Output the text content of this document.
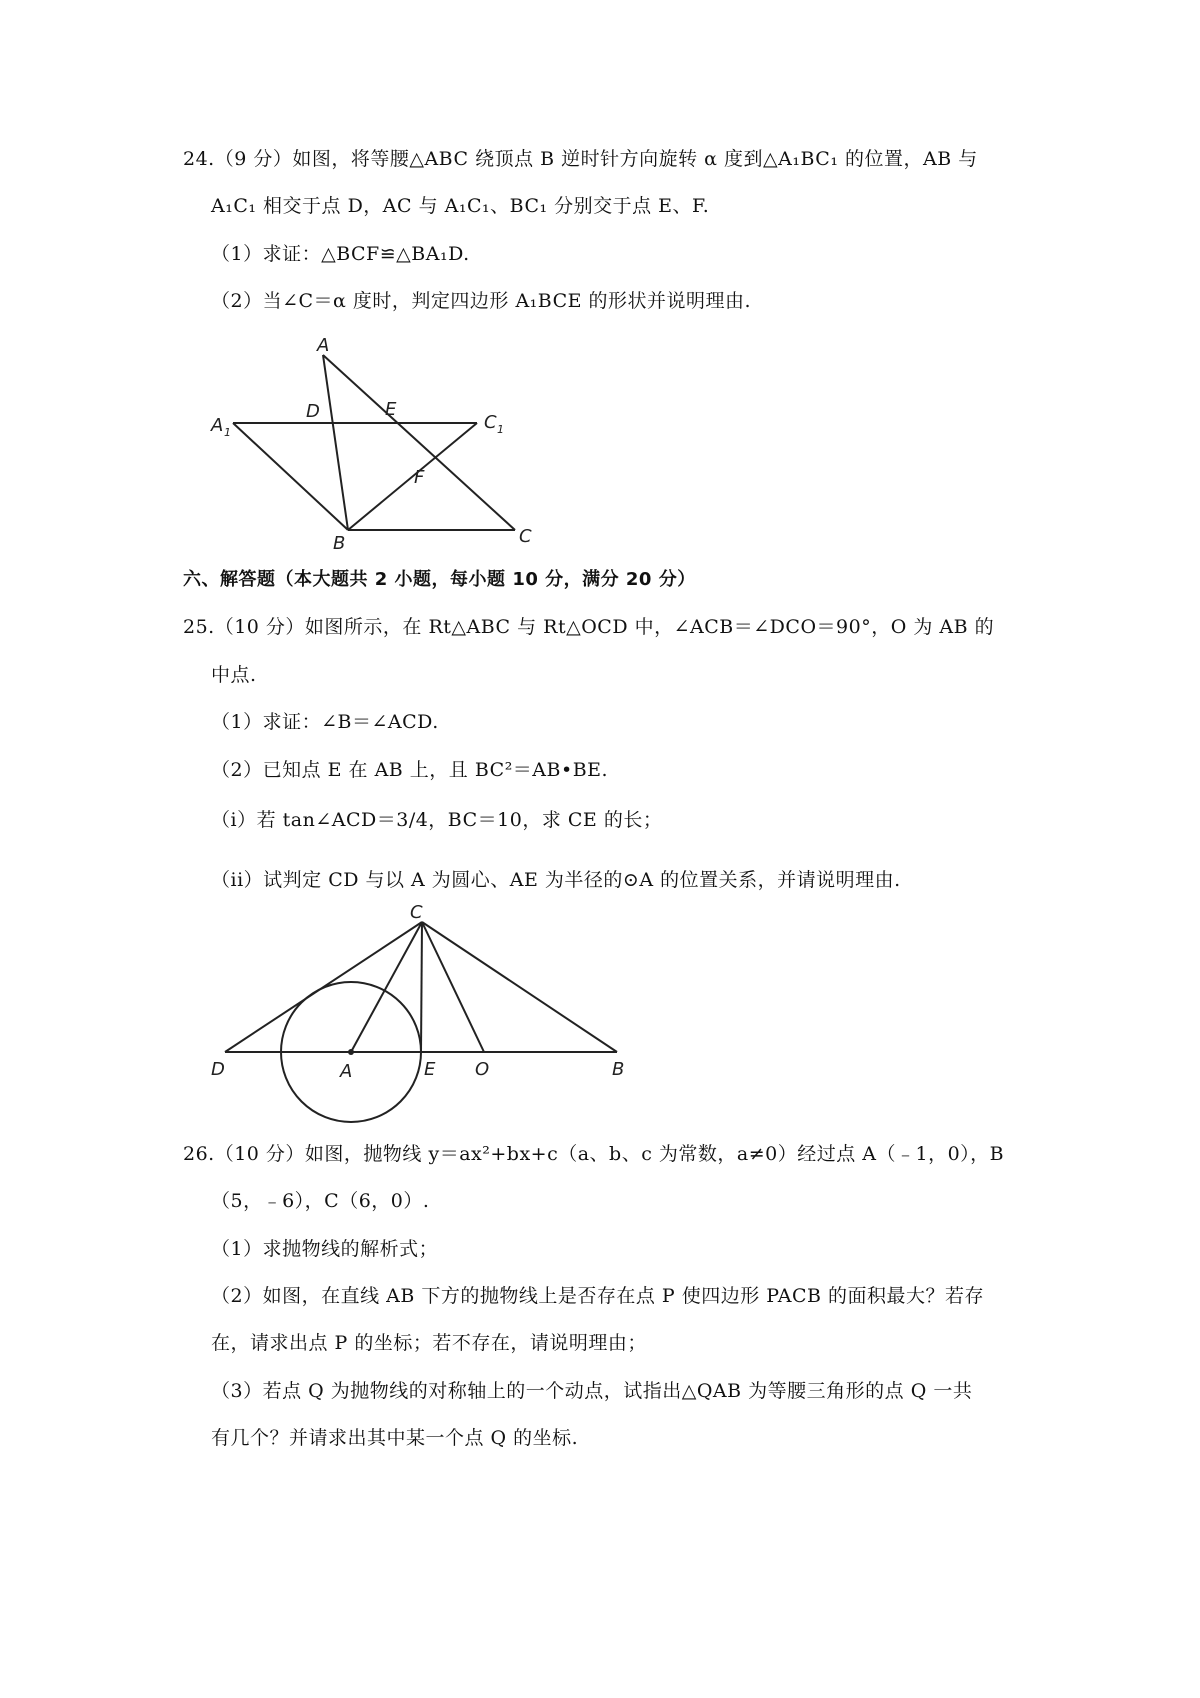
24.（9 分）如图，将等腰△ABC 绕顶点 B 逆时针方向旋转 α 度到△A₁BC₁ 的位置，AB 与
A₁C₁ 相交于点 D，AC 与 A₁C₁、BC₁ 分别交于点 E、F.
（1）求证：△BCF≌△BA₁D.
（2）当∠C＝α 度时，判定四边形 A₁BCE 的形状并说明理由.
A
A 1
D	E
C 1
F
B	C
六、解答题（本大题共 2 小题，每小题 10 分，满分 20 分）
25.（10 分）如图所示，在 Rt△ABC 与 Rt△OCD 中，∠ACB＝∠DCO＝90°，O 为 AB 的
中点.
（1）求证：∠B＝∠ACD.
（2）已知点 E 在 AB 上，且 BC²＝AB•BE.
（i）若 tan∠ACD＝3/4，BC＝10，求 CE 的长；
（ii）试判定 CD 与以 A 为圆心、AE 为半径的⊙A 的位置关系，并请说明理由.
C
D	A	E O	B
26.（10 分）如图，抛物线 y＝ax²+bx+c（a、b、c 为常数，a≠0）经过点 A（﹣1，0），B
（5，﹣6），C（6，0）.
（1）求抛物线的解析式；
（2）如图，在直线 AB 下方的抛物线上是否存在点 P 使四边形 PACB 的面积最大？若存
在，请求出点 P 的坐标；若不存在，请说明理由；
（3）若点 Q 为抛物线的对称轴上的一个动点，试指出△QAB 为等腰三角形的点 Q 一共
有几个？并请求出其中某一个点 Q 的坐标.
